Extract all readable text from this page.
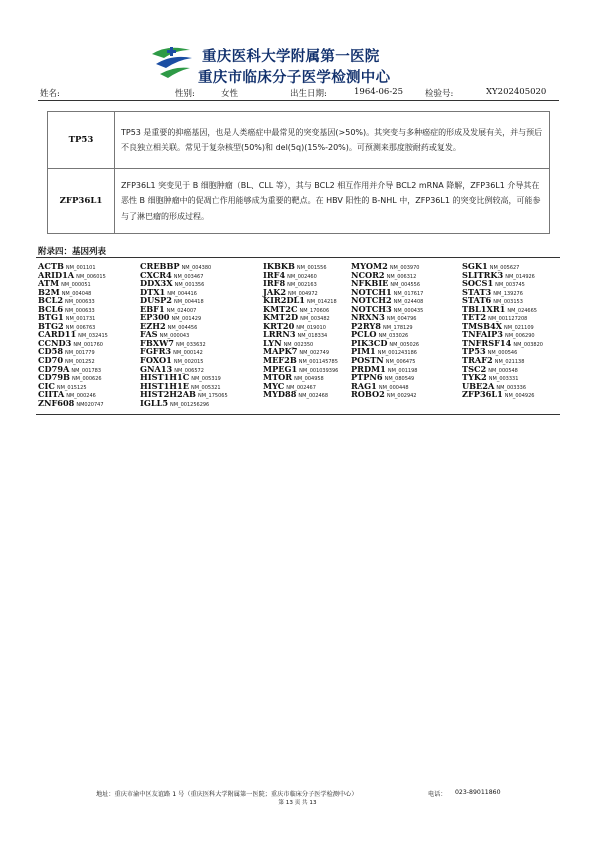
重庆医科大学附属第一医院
重庆市临床分子医学检测中心
姓名:	性别:	女性	出生日期:	1964-06-25	检验号:	XY202405020
TP53	TP53 是重要的抑癌基因，也是人类癌症中最常见的突变基因(>50%)。其突变与多种癌症的形成及发展有关，并与预后不良独立相关联。常见于复杂核型(50%)和 del(5q)(15%-20%)。可预测来那度胺耐药或复发。
ZFP36L1	ZFP36L1 突变见于 B 细胞肿瘤（BL、CLL 等），其与 BCL2 相互作用并介导 BCL2 mRNA 降解，ZFP36L1 介导其在恶性 B 细胞肿瘤中的促凋亡作用能够成为重要的靶点。在 HBV 阳性的 B-NHL 中，ZFP36L1 的突变比例较高，可能参与了淋巴瘤的形成过程。
附录四：基因列表
ACTB NM_001101
ARID1A NM_006015
ATM NM_000051
B2M NM_004048
BCL2 NM_000633
BCL6 NM_000633
BTG1 NM_001731
BTG2 NM_006763
CARD11 NM_032415
CCND3 NM_001760
CD58 NM_001779
CD70 NM_001252
CD79A NM_001783
CD79B NM_000626
CIC NM_015125
CIITA NM_000246
ZNF608 NM020747
CREBBP NM_004380
CXCR4 NM_003467
DDX3X NM_001356
DTX1 NM_004416
DUSP2 NM_004418
EBF1 NM_024007
EP300 NM_001429
EZH2 NM_004456
FAS NM_000043
FBXW7 NM_033632
FGFR3 NM_000142
FOXO1 NM_002015
GNA13 NM_006572
HIST1H1C NM_005319
HIST1H1E NM_005321
HIST2H2AB NM_175065
IGLL5 NM_001256296
IKBKB NM_001556
IRF4 NM_002460
IRF8 NM_002163
JAK2 NM_004972
KIR2DL1 NM_014218
KMT2C NM_170606
KMT2D NM_003482
KRT20 NM_019010
LRRN3 NM_018334
LYN NM_002350
MAPK7 NM_002749
MEF2B NM_001145785
MPEG1 NM_001039396
MTOR NM_004958
MYC NM_002467
MYD88 NM_002468
MYOM2 NM_003970
NCOR2 NM_006312
NFKBIE NM_004556
NOTCH1 NM_017617
NOTCH2 NM_024408
NOTCH3 NM_000435
NRXN3 NM_004796
P2RY8 NM_178129
PCLO NM_033026
PIK3CD NM_005026
PIM1 NM_001243186
POSTN NM_006475
PRDM1 NM_001198
PTPN6 NM_080549
RAG1 NM_000448
ROBO2 NM_002942
SGK1 NM_005627
SLITRK3 NM_014926
SOCS1 NM_003745
STAT3 NM_139276
STAT6 NM_003153
TBL1XR1 NM_024665
TET2 NM_001127208
TMSB4X NM_021109
TNFAIP3 NM_006290
TNFRSF14 NM_003820
TP53 NM_000546
TRAF2 NM_021138
TSC2 NM_000548
TYK2 NM_003331
UBE2A NM_003336
ZFP36L1 NM_004926
地址：重庆市渝中区友谊路 1 号（重庆医科大学附属第一医院；重庆市临床分子医学检测中心）	电话： 023-89011860
第 13 页 共 13
